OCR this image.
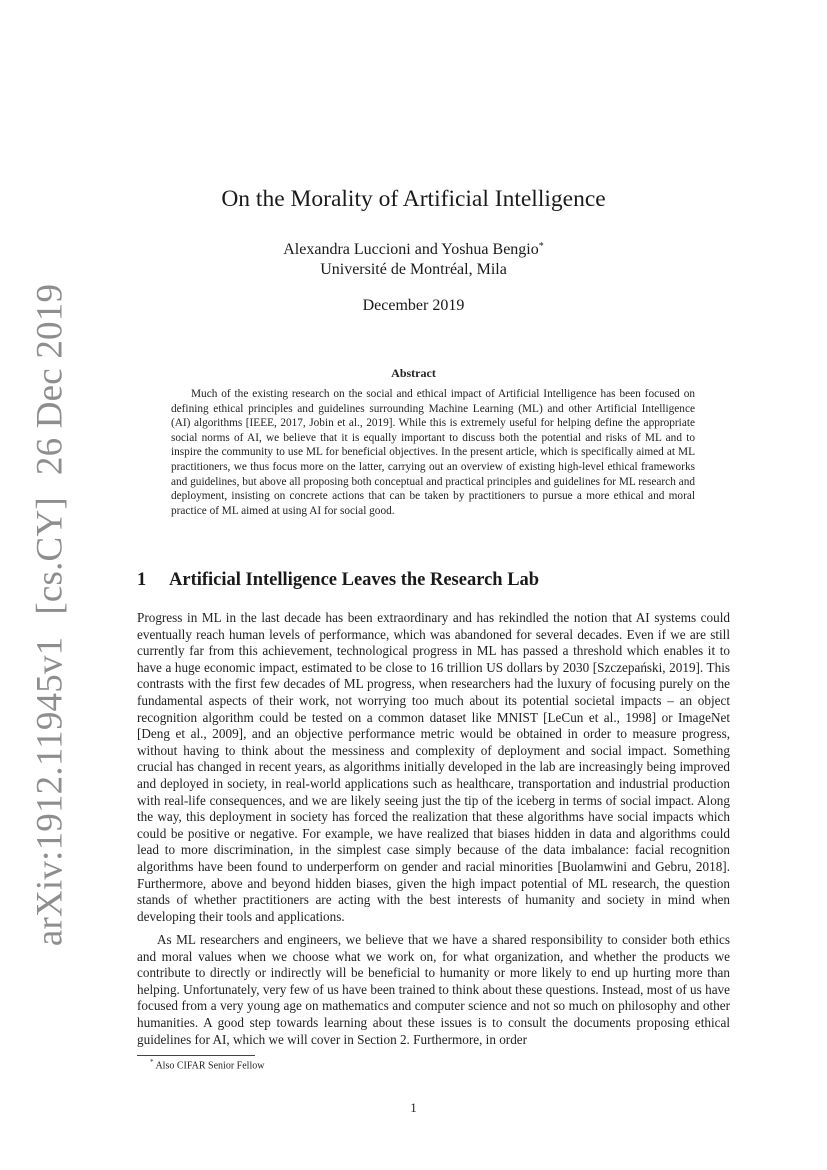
arXiv:1912.11945v1[cs.CY]26 Dec 2019
On the Morality of Artificial Intelligence
Alexandra Luccioni and Yoshua Bengio*
Université de Montréal, Mila
December 2019
Abstract

Much of the existing research on the social and ethical impact of Artificial Intelligence has been focused on defining ethical principles and guidelines surrounding Machine Learning (ML) and other Artificial Intelligence (AI) algorithms [IEEE, 2017, Jobin et al., 2019]. While this is extremely useful for helping define the appropriate social norms of AI, we believe that it is equally important to discuss both the potential and risks of ML and to inspire the community to use ML for beneficial objectives. In the present article, which is specifically aimed at ML practitioners, we thus focus more on the latter, carrying out an overview of existing high-level ethical frameworks and guidelines, but above all proposing both conceptual and practical principles and guidelines for ML research and deployment, insisting on concrete actions that can be taken by practitioners to pursue a more ethical and moral practice of ML aimed at using AI for social good.

1 Artificial Intelligence Leaves the Research Lab

Progress in ML in the last decade has been extraordinary and has rekindled the notion that AI systems could eventually reach human levels of performance, which was abandoned for several decades. Even if we are still currently far from this achievement, technological progress in ML has passed a threshold which enables it to have a huge economic impact, estimated to be close to 16 trillion US dollars by 2030 [Szczepański, 2019]. This contrasts with the first few decades of ML progress, when researchers had the luxury of focusing purely on the fundamental aspects of their work, not worrying too much about its potential societal impacts – an object recognition algorithm could be tested on a common dataset like MNIST [LeCun et al., 1998] or ImageNet [Deng et al., 2009], and an objective performance metric would be obtained in order to measure progress, without having to think about the messiness and complexity of deployment and social impact. Something crucial has changed in recent years, as algorithms initially developed in the lab are increasingly being improved and deployed in society, in real-world applications such as healthcare, transportation and industrial production with real-life consequences, and we are likely seeing just the tip of the iceberg in terms of social impact. Along the way, this deployment in society has forced the realization that these algorithms have social impacts which could be positive or negative. For example, we have realized that biases hidden in data and algorithms could lead to more discrimination, in the simplest case simply because of the data imbalance: facial recognition algorithms have been found to underperform on gender and racial minorities [Buolamwini and Gebru, 2018]. Furthermore, above and beyond hidden biases, given the high impact potential of ML research, the question stands of whether practitioners are acting with the best interests of humanity and society in mind when developing their tools and applications.

As ML researchers and engineers, we believe that we have a shared responsibility to consider both ethics and moral values when we choose what we work on, for what organization, and whether the products we contribute to directly or indirectly will be beneficial to humanity or more likely to end up hurting more than helping. Unfortunately, very few of us have been trained to think about these questions. Instead, most of us have focused from a very young age on mathematics and computer science and not so much on philosophy and other humanities. A good step towards learning about these issues is to consult the documents proposing ethical guidelines for AI, which we will cover in Section 2. Furthermore, in order

* Also CIFAR Senior Fellow
1
